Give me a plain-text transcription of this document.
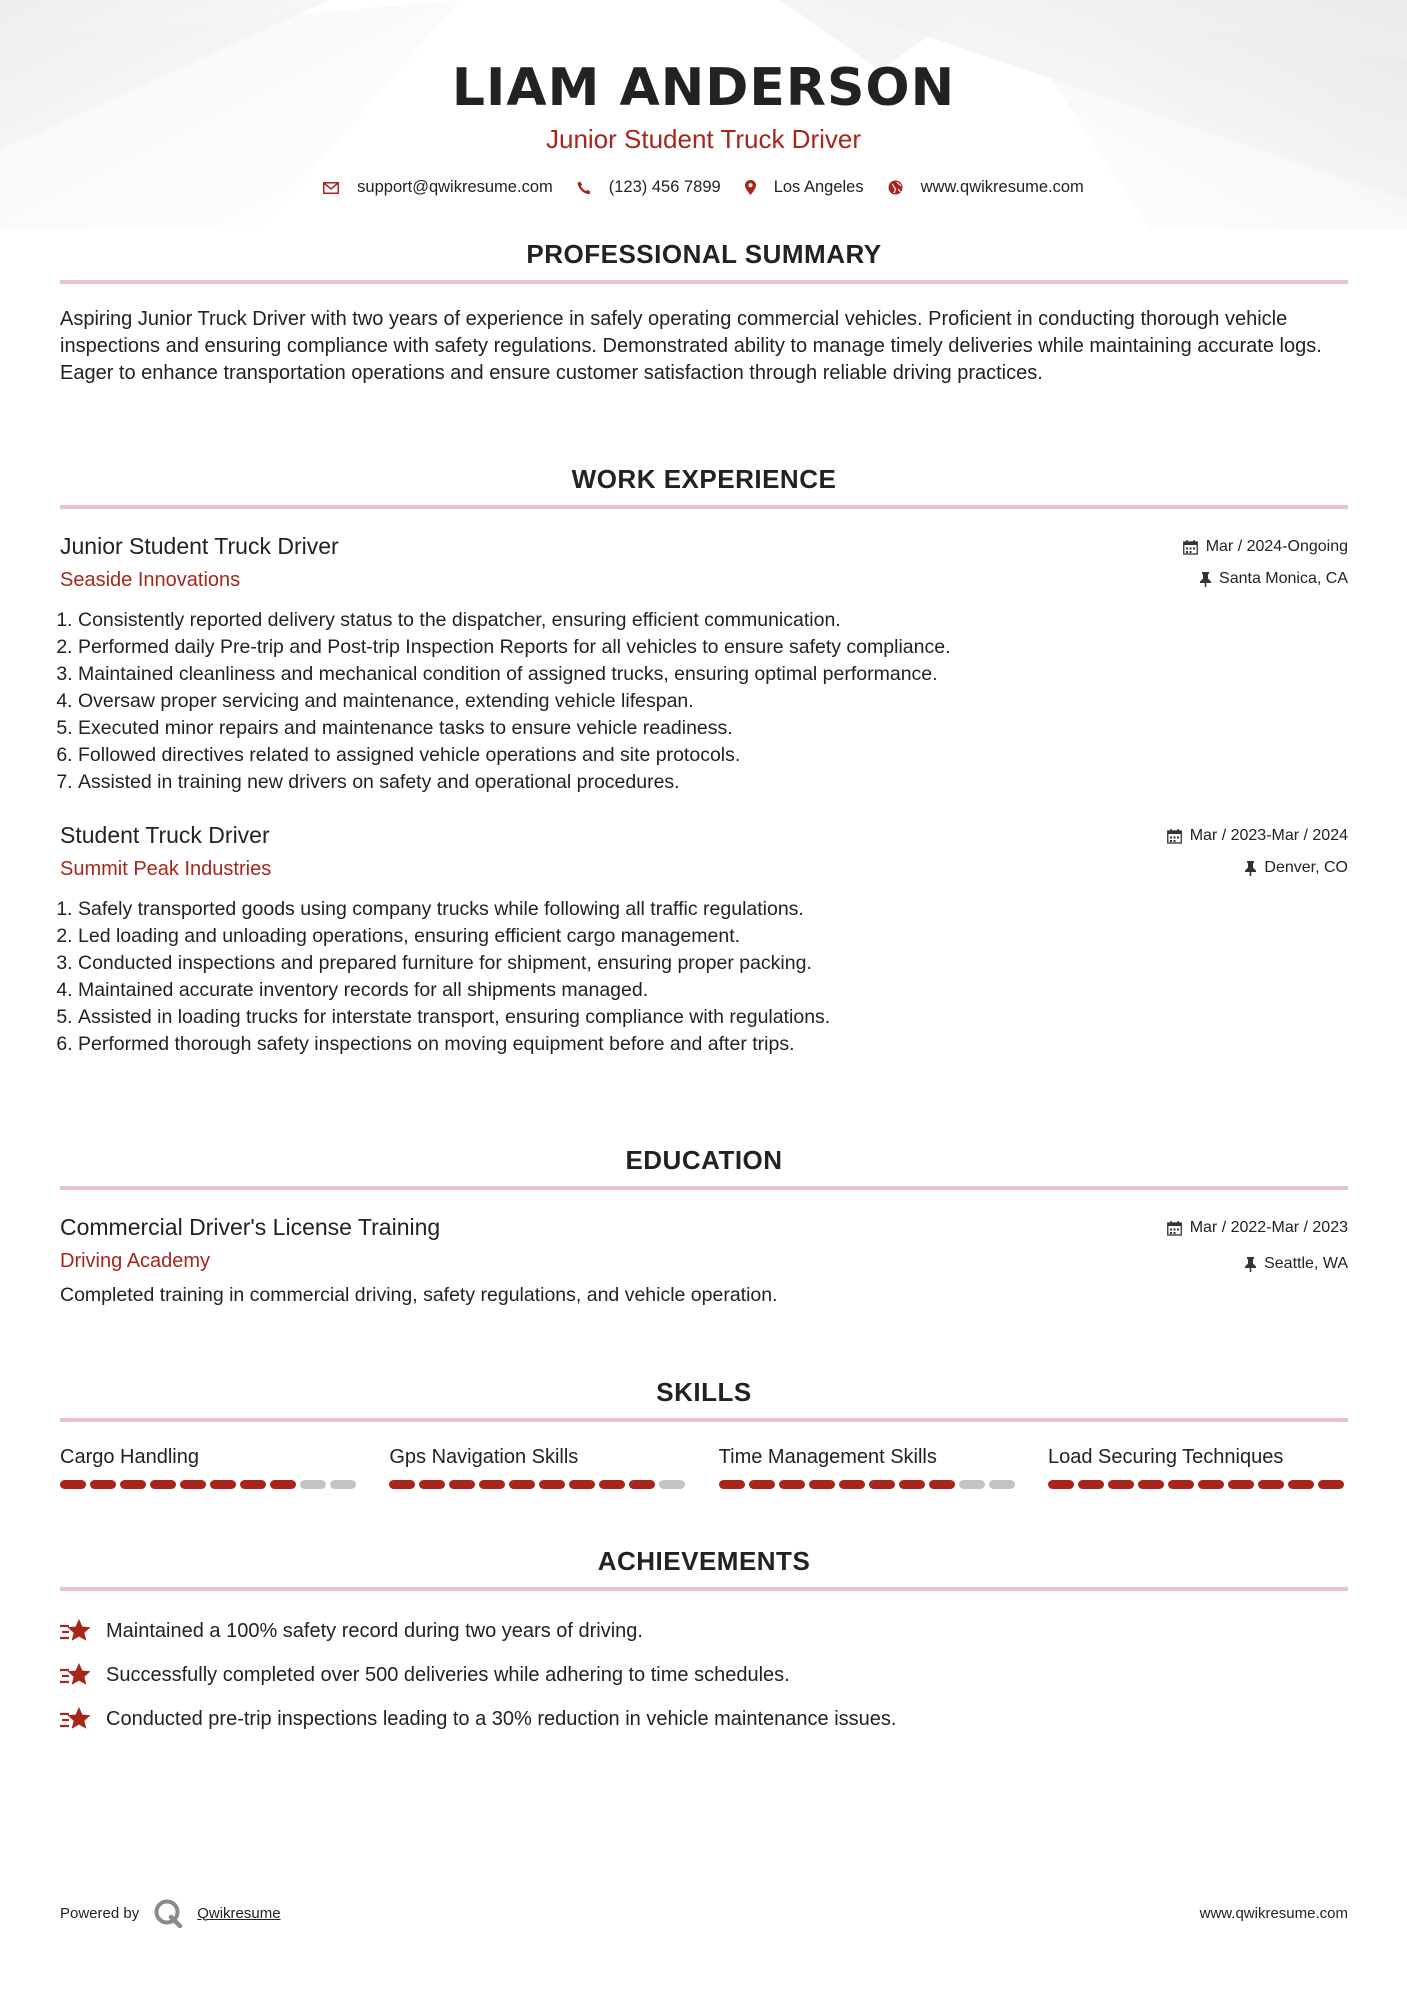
LIAM ANDERSON
Junior Student Truck Driver
support@qwikresume.com	(123) 456 7899	Los Angeles	www.qwikresume.com
PROFESSIONAL SUMMARY
Aspiring Junior Truck Driver with two years of experience in safely operating commercial vehicles. Proficient in conducting thorough vehicle inspections and ensuring compliance with safety regulations. Demonstrated ability to manage timely deliveries while maintaining accurate logs. Eager to enhance transportation operations and ensure customer satisfaction through reliable driving practices.
WORK EXPERIENCE
Junior Student Truck Driver
Seaside Innovations
Mar / 2024-Ongoing
Santa Monica, CA
1. Consistently reported delivery status to the dispatcher, ensuring efficient communication.
2. Performed daily Pre-trip and Post-trip Inspection Reports for all vehicles to ensure safety compliance.
3. Maintained cleanliness and mechanical condition of assigned trucks, ensuring optimal performance.
4. Oversaw proper servicing and maintenance, extending vehicle lifespan.
5. Executed minor repairs and maintenance tasks to ensure vehicle readiness.
6. Followed directives related to assigned vehicle operations and site protocols.
7. Assisted in training new drivers on safety and operational procedures.
Student Truck Driver
Summit Peak Industries
Mar / 2023-Mar / 2024
Denver, CO
1. Safely transported goods using company trucks while following all traffic regulations.
2. Led loading and unloading operations, ensuring efficient cargo management.
3. Conducted inspections and prepared furniture for shipment, ensuring proper packing.
4. Maintained accurate inventory records for all shipments managed.
5. Assisted in loading trucks for interstate transport, ensuring compliance with regulations.
6. Performed thorough safety inspections on moving equipment before and after trips.
EDUCATION
Commercial Driver's License Training
Driving Academy
Mar / 2022-Mar / 2023
Seattle, WA
Completed training in commercial driving, safety regulations, and vehicle operation.
SKILLS
Cargo Handling	Gps Navigation Skills	Time Management Skills	Load Securing Techniques
ACHIEVEMENTS
Maintained a 100% safety record during two years of driving.
Successfully completed over 500 deliveries while adhering to time schedules.
Conducted pre-trip inspections leading to a 30% reduction in vehicle maintenance issues.
Powered by	Qwikresume	www.qwikresume.com
